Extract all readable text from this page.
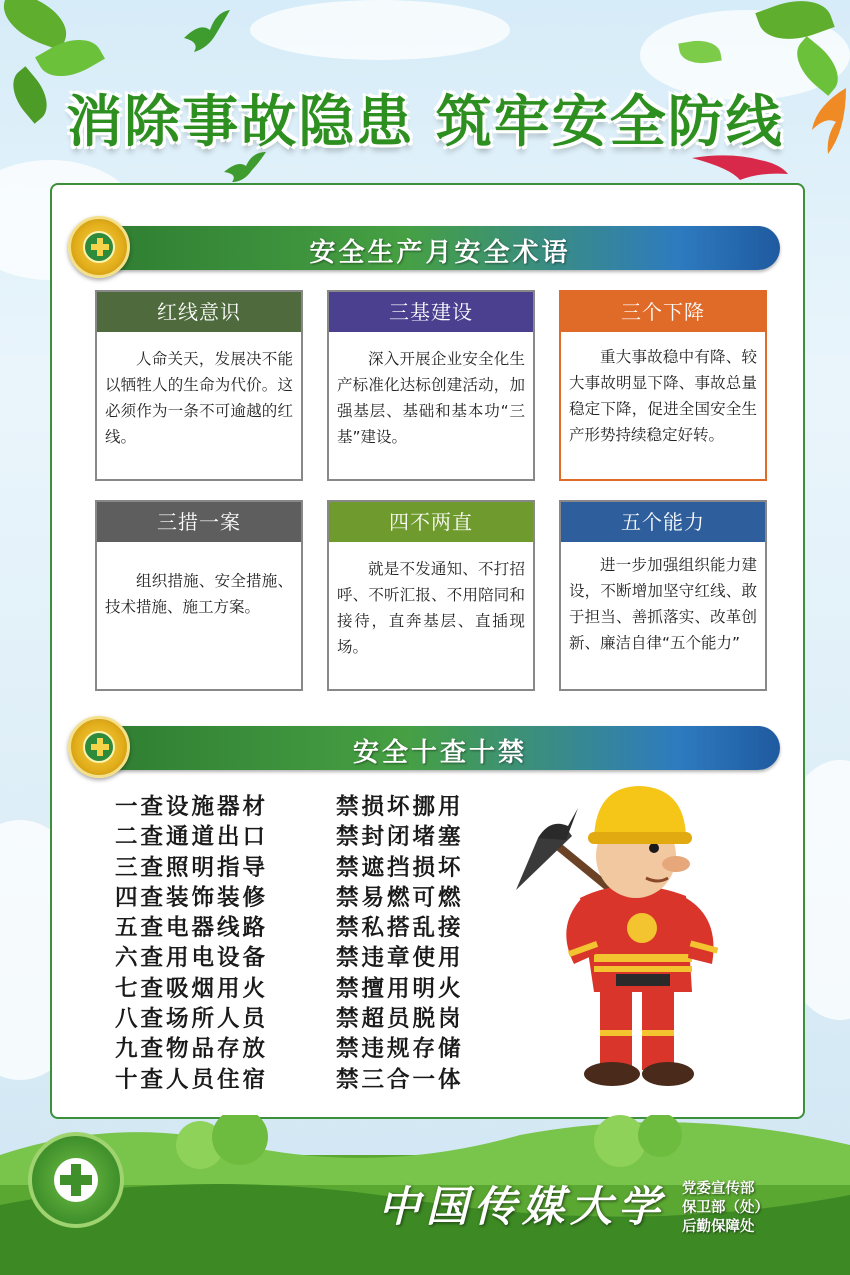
消除事故隐患 筑牢安全防线
安全生产月安全术语
红线意识
人命关天，发展决不能以牺牲人的生命为代价。这必须作为一条不可逾越的红线。
三基建设
深入开展企业安全化生产标准化达标创建活动，加强基层、基础和基本功“三基”建设。
三个下降
重大事故稳中有降、较大事故明显下降、事故总量稳定下降，促进全国安全生产形势持续稳定好转。
三措一案
组织措施、安全措施、技术措施、施工方案。
四不两直
就是不发通知、不打招呼、不听汇报、不用陪同和接待，直奔基层、直插现场。
五个能力
进一步加强组织能力建设，不断增加坚守红线、敢于担当、善抓落实、改革创新、廉洁自律“五个能力”
安全十查十禁
一查设施器材
二查通道出口
三查照明指导
四查装饰装修
五查电器线路
六查用电设备
七查吸烟用火
八查场所人员
九查物品存放
十查人员住宿
禁损坏挪用
禁封闭堵塞
禁遮挡损坏
禁易燃可燃
禁私搭乱接
禁违章使用
禁擅用明火
禁超员脱岗
禁违规存储
禁三合一体
中国传媒大学 党委宣传部
保卫部（处）
后勤保障处
